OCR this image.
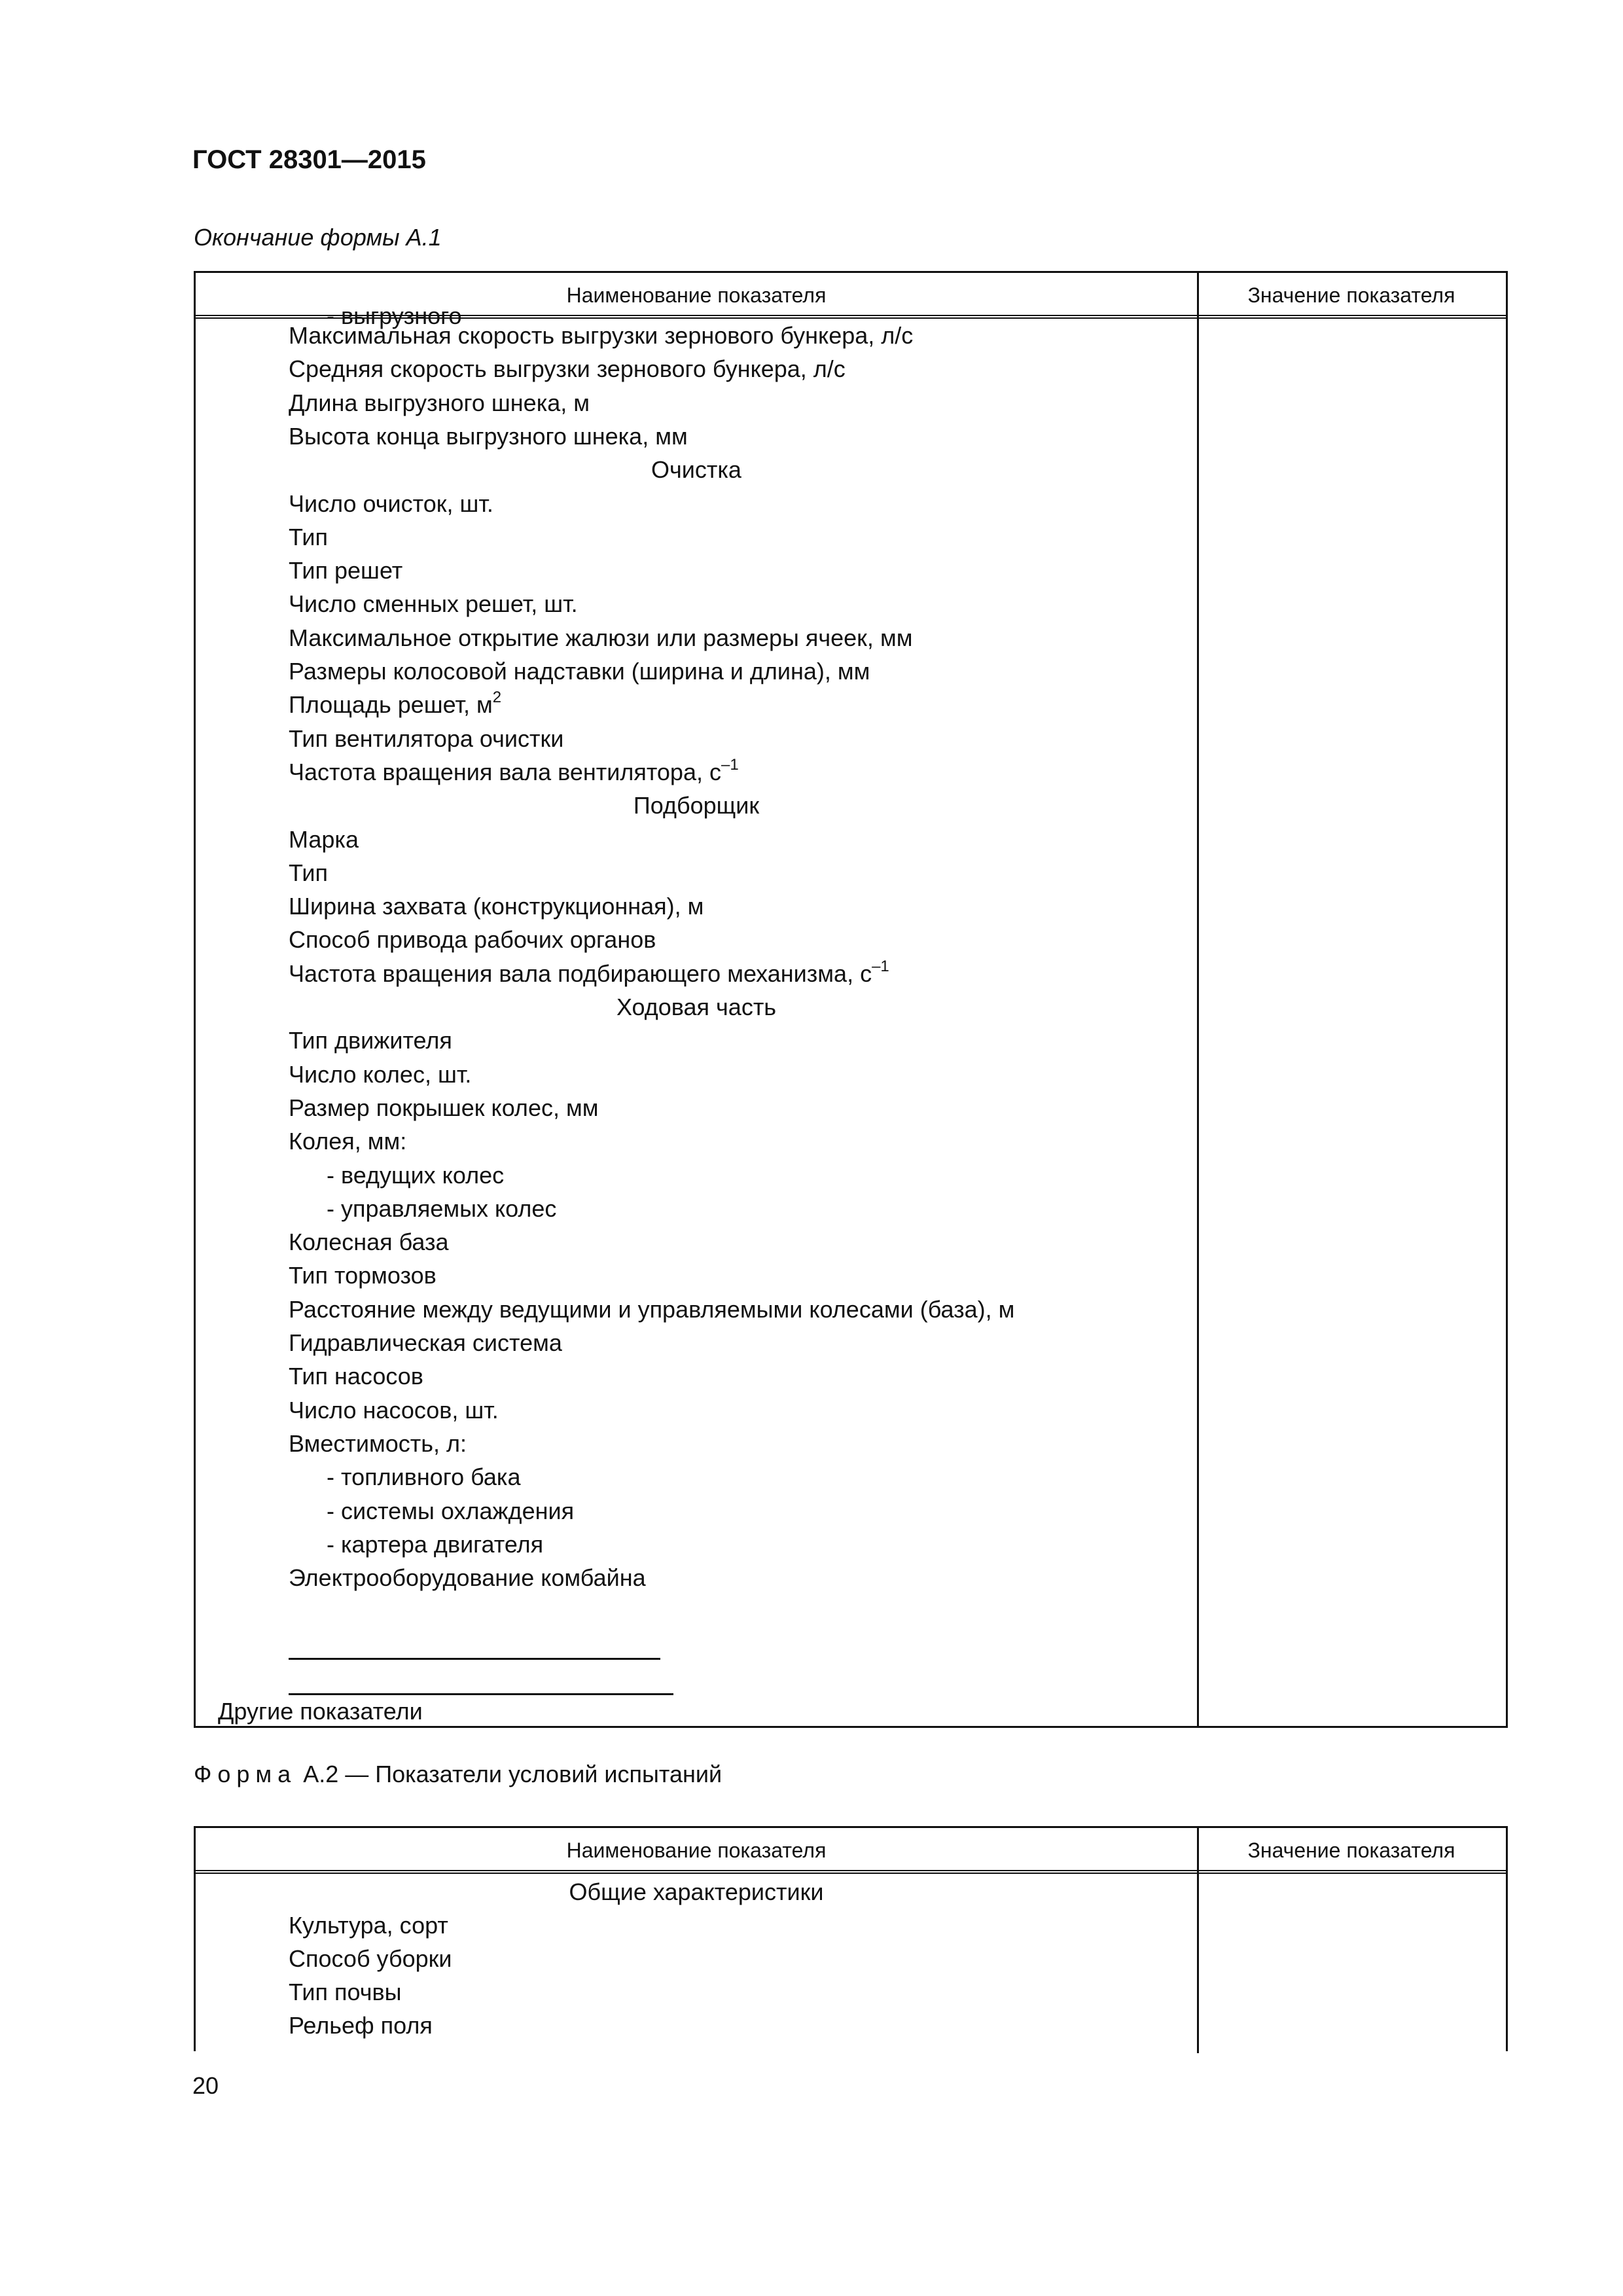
ГОСТ 28301—2015
Окончание формы А.1
Наименование показателя	Значение показателя
- выгрузного
Максимальная скорость выгрузки зернового бункера, л/с
Средняя скорость выгрузки зернового бункера, л/с
Длина выгрузного шнека, м
Высота конца выгрузного шнека, мм
Очистка
Число очисток, шт.
Тип
Тип решет
Число сменных решет, шт.
Максимальное открытие жалюзи или размеры ячеек, мм
Размеры колосовой надставки (ширина и длина), мм
Площадь решет, $м^2$
Тип вентилятора очистки
Частота вращения вала вентилятора, $с^{-1}$
Подборщик
Марка
Тип
Ширина захвата (конструкционная), м
Способ привода рабочих органов
Частота вращения вала подбирающего механизма, $с^{-1}$
Ходовая часть
Тип движителя
Число колес, шт.
Размер покрышек колес, мм
Колея, мм:
- ведущих колес
- управляемых колес
Колесная база
Тип тормозов
Расстояние между ведущими и управляемыми колесами (база), м
Гидравлическая система
Тип насосов
Число насосов, шт.
Вместимость, л:
- топливного бака
- системы охлаждения
- картера двигателя
Электрооборудование комбайна
Другие показатели
Форма А.2 — Показатели условий испытаний
Наименование показателя	Значение показателя
Общие характеристики
Культура, сорт
Способ уборки
Тип почвы
Рельеф поля
20
